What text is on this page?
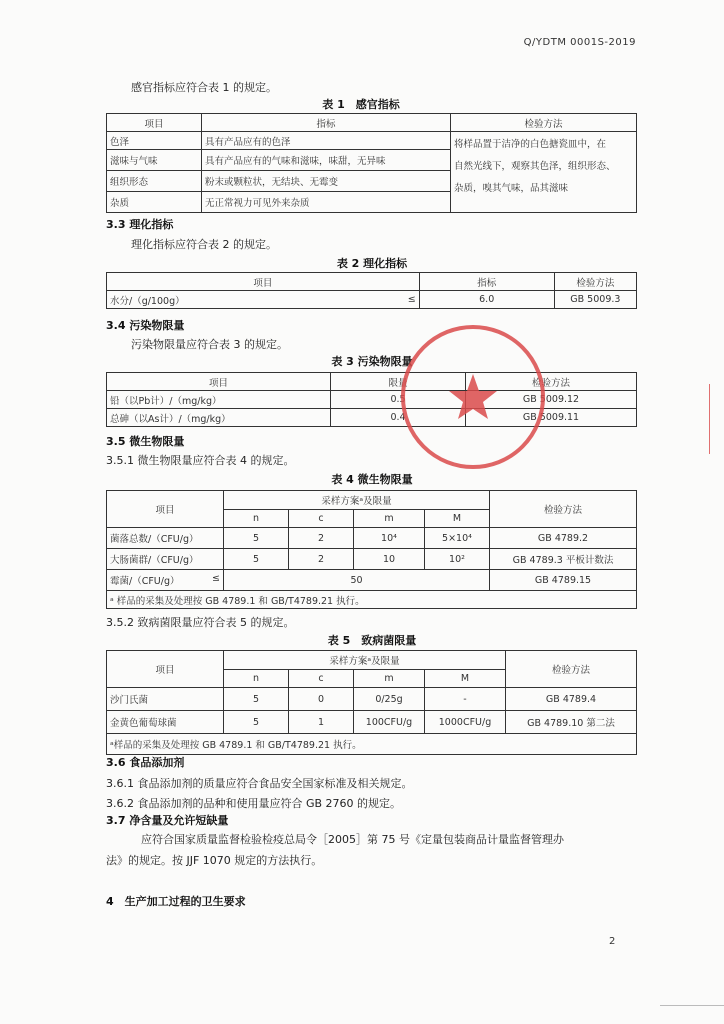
Q/YDTM 0001S-2019
感官指标应符合表 1 的规定。
表 1　感官指标
项目	指标	检验方法
色泽	具有产品应有的色泽	将样品置于洁净的白色搪瓷皿中，在
自然光线下，观察其色泽，组织形态、
杂质，嗅其气味，品其滋味

滋味与气味	具有产品应有的气味和滋味，味甜，无异味	
组织形态	粉末或颗粒状，无结块、无霉变	
杂质	无正常视力可见外来杂质	
3.3 理化指标
理化指标应符合表 2 的规定。
表 2 理化指标
项目		指标	检验方法
水分/（g/100g）	≤	6.0	GB 5009.3
3.4 污染物限量
污染物限量应符合表 3 的规定。
表 3 污染物限量
项目	限量	检验方法
铅（以Pb计）/（mg/kg）	0.5	GB 5009.12
总砷（以As计）/（mg/kg）	0.4	GB 5009.11
3.5 微生物限量
3.5.1 微生物限量应符合表 4 的规定。
表 4 微生物限量
项目	采样方案ᵃ及限量				检验方法
	n	c	m	M	
菌落总数/（CFU/g）	5	2	10⁴	5×10⁴	GB 4789.2
大肠菌群/（CFU/g）	5	2	10	10²	GB 4789.3 平板计数法
霉菌/（CFU/g） ≤	50				GB 4789.15
ᵃ 样品的采集及处理按 GB 4789.1 和 GB/T4789.21 执行。					
3.5.2 致病菌限量应符合表 5 的规定。
表 5　致病菌限量
项目	采样方案ᵃ及限量				检验方法
	n	c	m	M	
沙门氏菌	5	0	0/25g	-	GB 4789.4
金黄色葡萄球菌	5	1	100CFU/g	1000CFU/g	GB 4789.10 第二法
ᵃ样品的采集及处理按 GB 4789.1 和 GB/T4789.21 执行。					
3.6 食品添加剂
3.6.1 食品添加剂的质量应符合食品安全国家标准及相关规定。
3.6.2 食品添加剂的品种和使用量应符合 GB 2760 的规定。
3.7 净含量及允许短缺量
应符合国家质量监督检验检疫总局令［2005］第 75 号《定量包装商品计量监督管理办
法》的规定。按 JJF 1070 规定的方法执行。
4　生产加工过程的卫生要求
2
